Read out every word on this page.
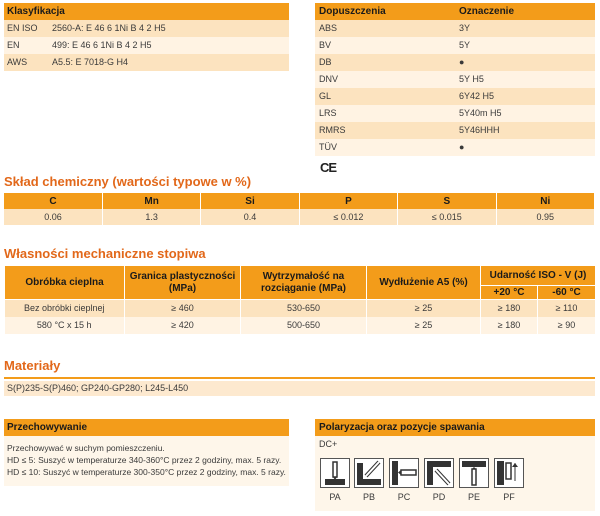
Klasyfikacja
EN ISO	2560-A: E 46 6 1Ni B 4 2 H5
EN	499: E 46 6 1Ni B 4 2 H5
AWS	A5.5: E 7018-G H4
Dopuszczenia	Oznaczenie
ABS	3Y
BV	5Y
DB	●
DNV	5Y H5
GL	6Y42 H5
LRS	5Y40m H5
RMRS	5Y46HHH
TÜV	●
CE
Skład chemiczny (wartości typowe w %)
C	Mn	Si	P	S	Ni
0.06	1.3	0.4	≤ 0.012	≤ 0.015	0.95
Własności mechaniczne stopiwa
Obróbka cieplna	Granica plastyczności (MPa)	Wytrzymałość na rozciąganie (MPa)	Wydłużenie A5 (%)	Udarność ISO - V (J)	
				+20 °C	-60 °C
Bez obróbki cieplnej	≥ 460	530-650	≥ 25	≥ 180	≥ 110
580 °C x 15 h	≥ 420	500-650	≥ 25	≥ 180	≥ 90
Materiały
S(P)235-S(P)460; GP240-GP280; L245-L450
Przechowywanie
Przechowywać w suchym pomieszczeniu.
HD ≤ 5: Suszyć w temperaturze 340-360°C przez 2 godziny, max. 5 razy.
HD ≤ 10: Suszyć w temperaturze 300-350°C przez 2 godziny, max. 5 razy.
Polaryzacja oraz pozycje spawania
DC+
PA	PB	PC	PD	PE	PF
